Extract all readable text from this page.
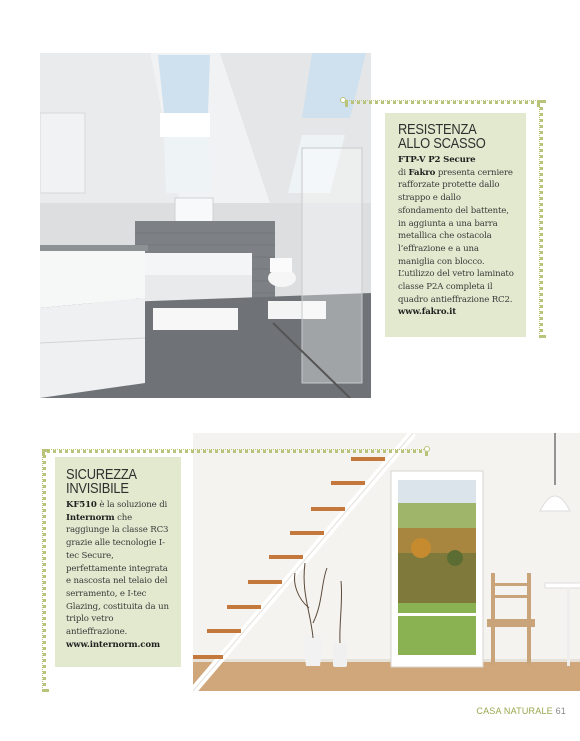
RESISTENZA
ALLO SCASSO

FTP-V P2 Secure
di Fakro presenta cerniere rafforzate protette dallo strappo e dallo sfondamento del battente, in aggiunta a una barra metallica che ostacola l’effrazione e a una maniglia con blocco. L’utilizzo del vetro laminato classe P2A completa il quadro antieffrazione RC2.
www.fakro.it

SICUREZZA
INVISIBILE

KF510 è la soluzione di Internorm che raggiunge la classe RC3 grazie alle tecnologie I-tec Secure, perfettamente integrata e nascosta nel telaio del serramento, e I-tec Glazing, costituita da un triplo vetro antieffrazione.
www.internorm.com

CASA NATURALE 61
